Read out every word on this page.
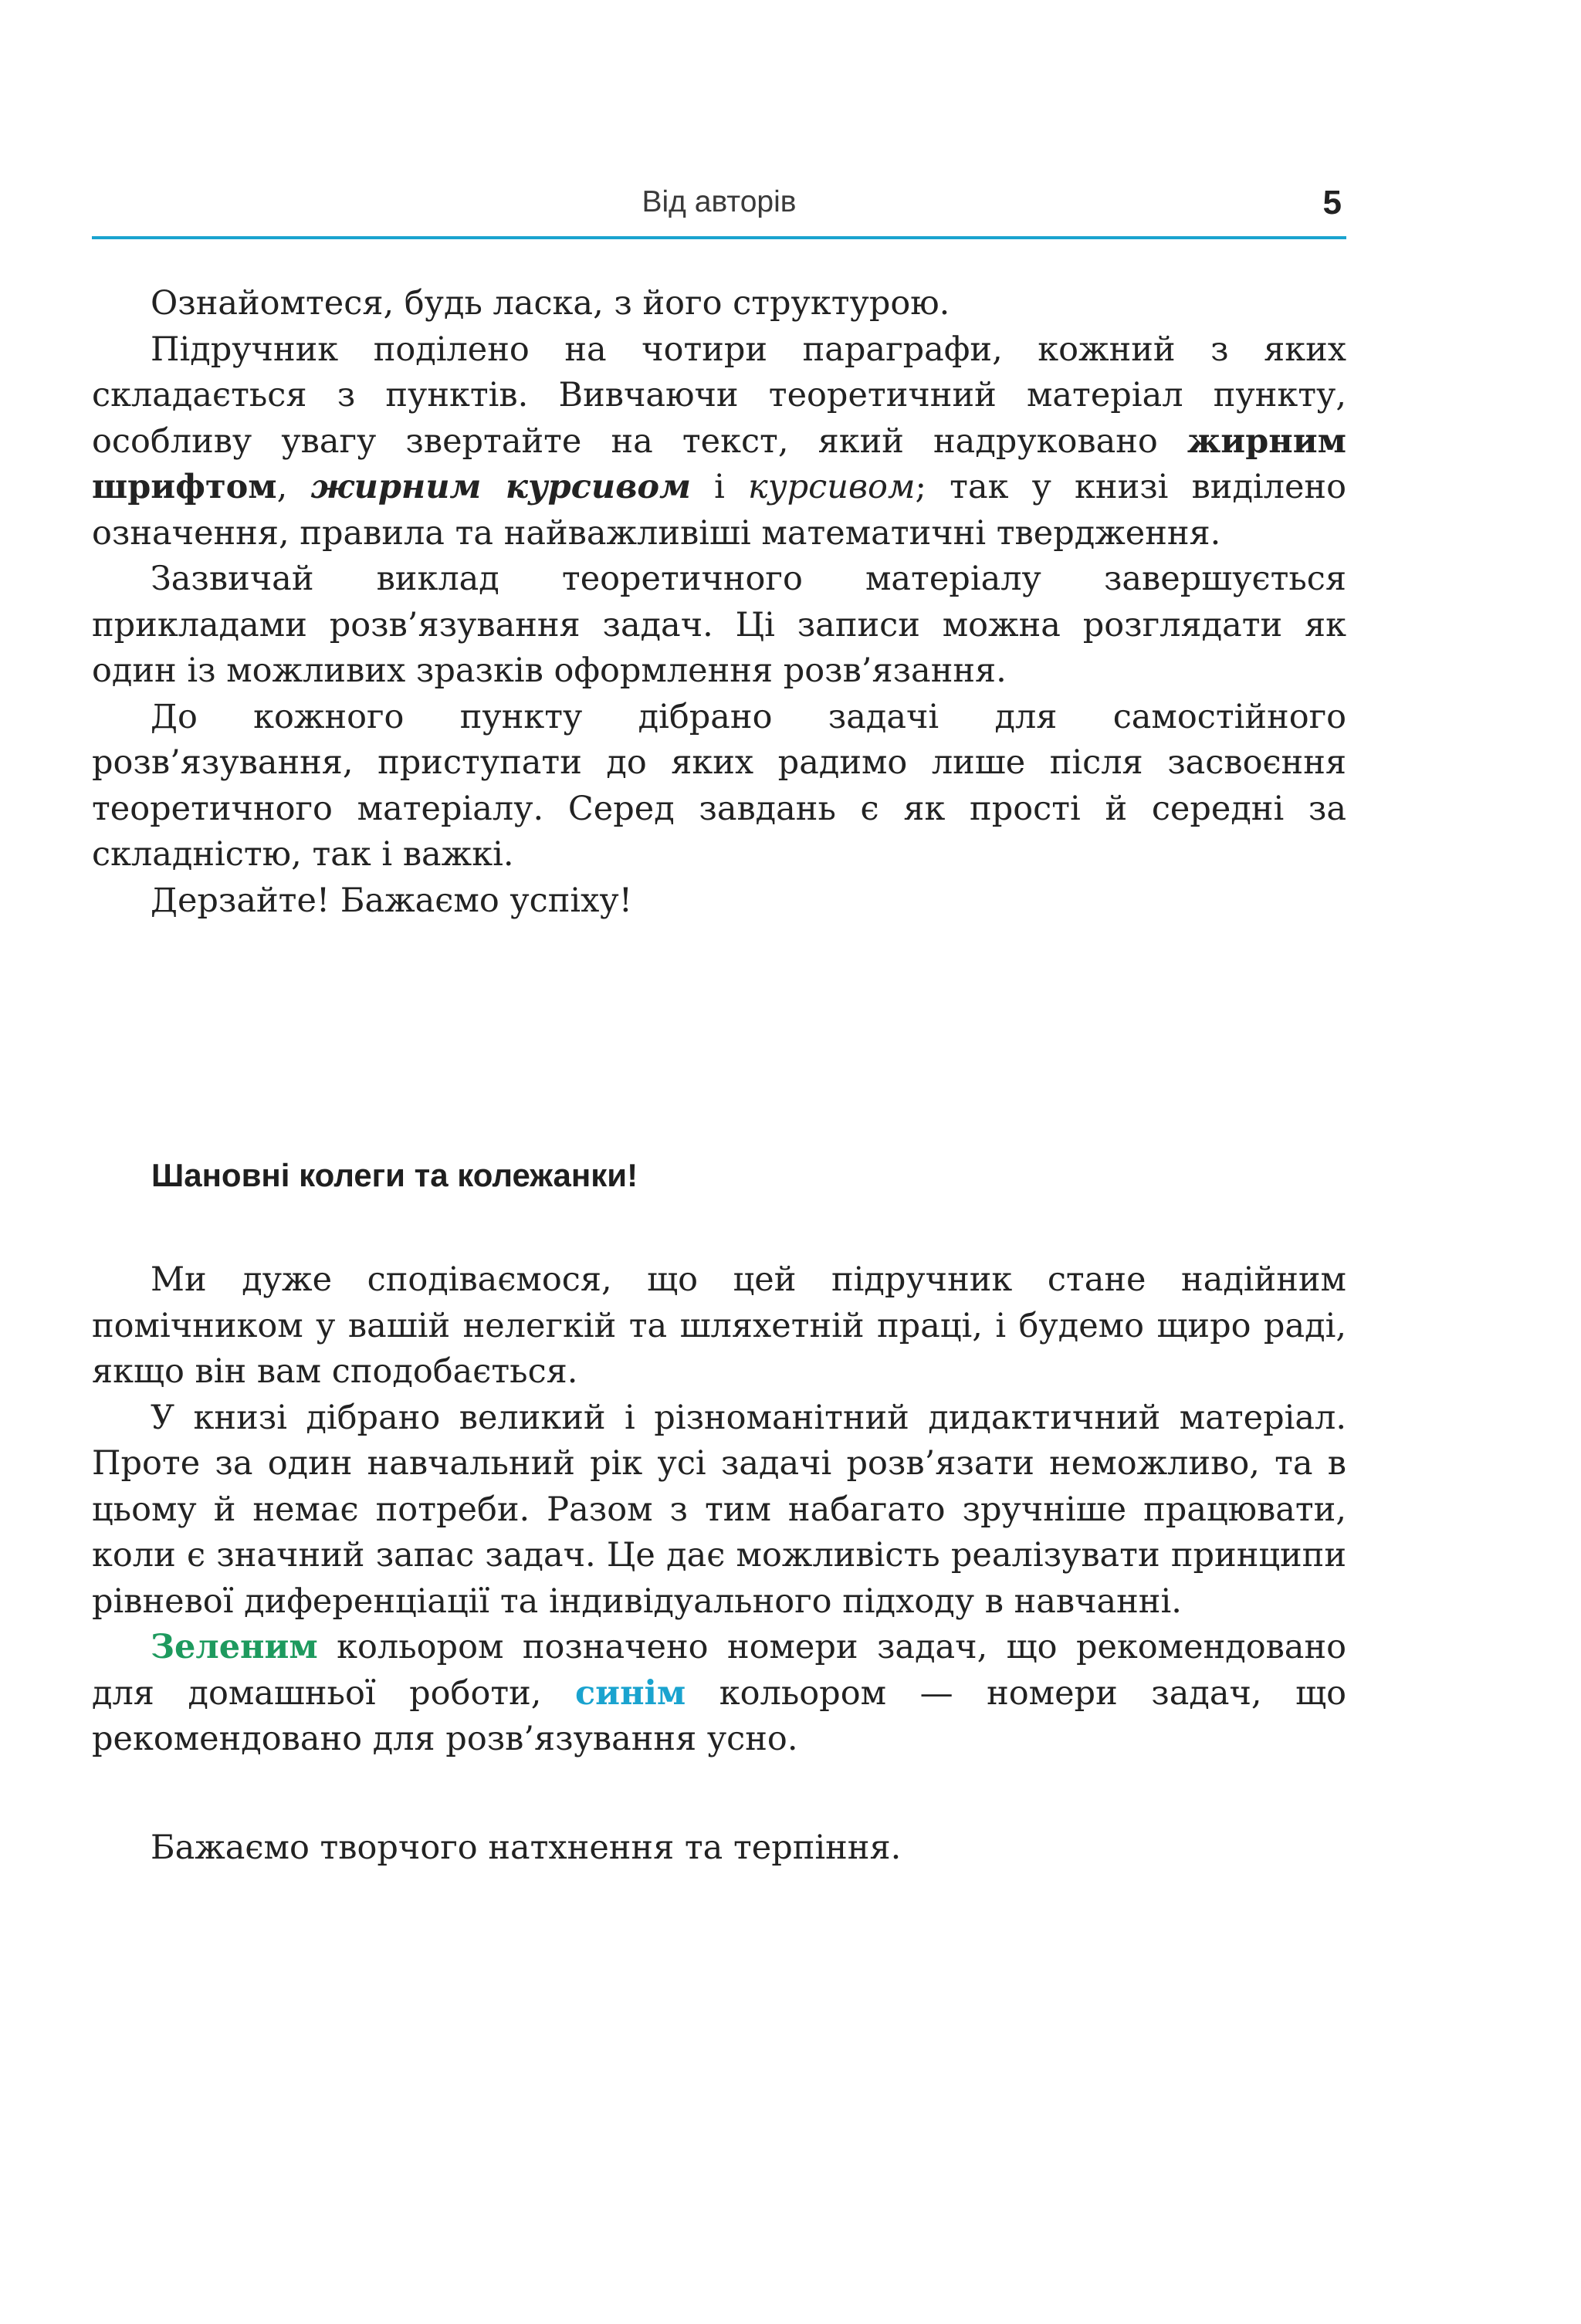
Від авторів	5

Ознайомтеся, будь ласка, з його структурою.

Підручник поділено на чотири параграфи, кожний з яких складається з пунктів. Вивчаючи теоретичний матеріал пункту, особливу увагу звертайте на текст, який надруковано жирним шрифтом, жирним курсивом і курсивом; так у книзі виділено означення, правила та найважливіші математичні твердження.

Зазвичай виклад теоретичного матеріалу завершується прикладами розв’язування задач. Ці записи можна розглядати як один із можливих зразків оформлення розв’язання.

До кожного пункту дібрано задачі для самостійного розв’язування, приступати до яких радимо лише після засвоєння теоретичного матеріалу. Серед завдань є як прості й середні за складністю, так і важкі.

Дерзайте! Бажаємо успіху!

Шановні колеги та колежанки!

Ми дуже сподіваємося, що цей підручник стане надійним помічником у вашій нелегкій та шляхетній праці, і будемо щиро раді, якщо він вам сподобається.

У книзі дібрано великий і різноманітний дидактичний матеріал. Проте за один навчальний рік усі задачі розв’язати неможливо, та в цьому й немає потреби. Разом з тим набагато зручніше працювати, коли є значний запас задач. Це дає можливість реалізувати принципи рівневої диференціації та індивідуального підходу в навчанні.

Зеленим кольором позначено номери задач, що рекомендовано для домашньої роботи, синім кольором — номери задач, що рекомендовано для розв’язування усно.

Бажаємо творчого натхнення та терпіння.
